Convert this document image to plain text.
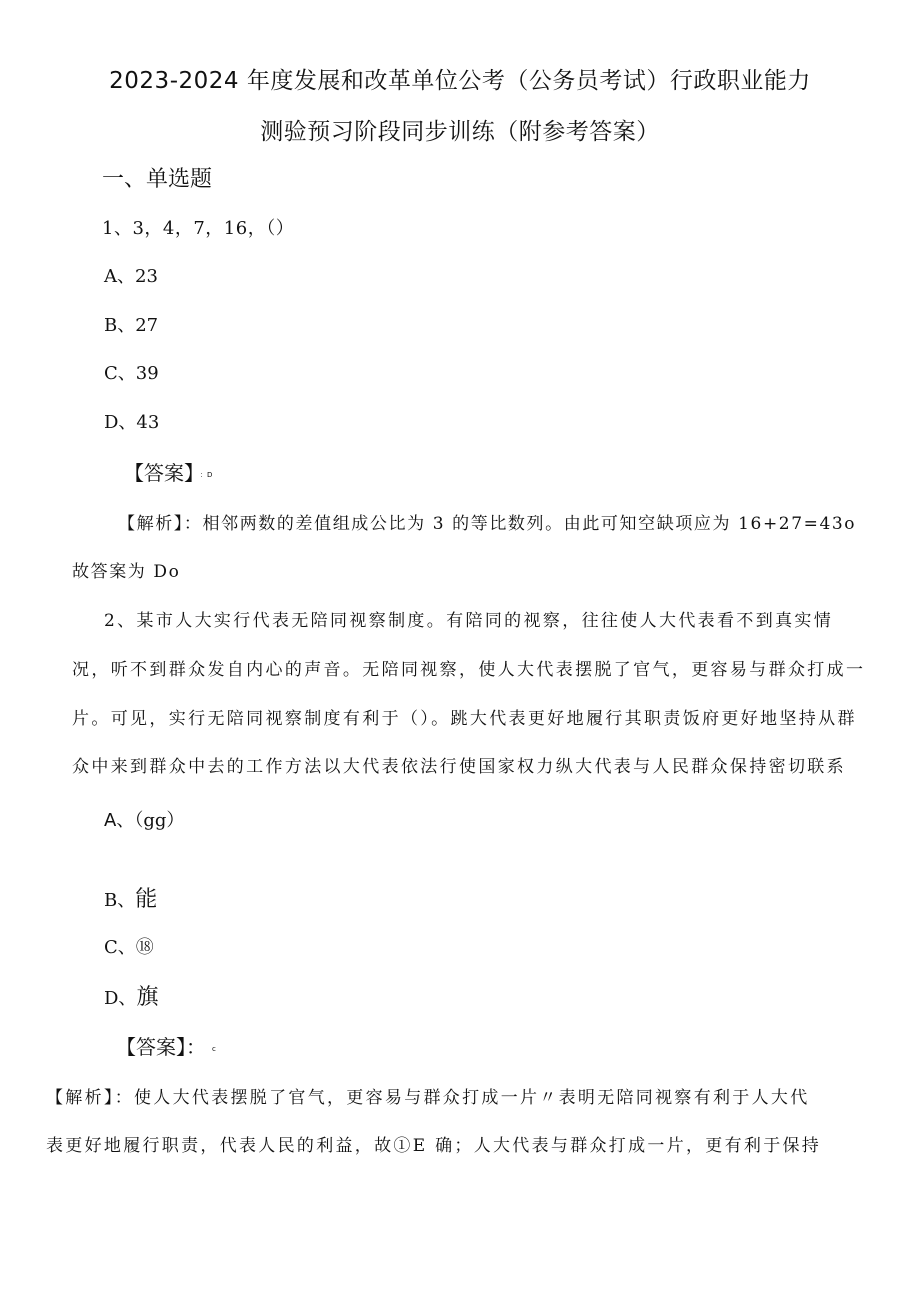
2023-2024 年度发展和改革单位公考（公务员考试）行政职业能力
测验预习阶段同步训练（附参考答案）
一、单选题
1、3，4，7，16，（）
A、23
B、27
C、39
D、43
【答案】 ：D
【解析】：相邻两数的差值组成公比为 3 的等比数列。由此可知空缺项应为 16+27=43o
故答案为 Do
2、某市人大实行代表无陪同视察制度。有陪同的视察，往往使人大代表看不到真实情
况，听不到群众发自内心的声音。无陪同视察，使人大代表摆脱了官气，更容易与群众打成一
片。可见，实行无陪同视察制度有利于（）。跳大代表更好地履行其职责饭府更好地坚持从群
众中来到群众中去的工作方法以大代表依法行使国家权力纵大代表与人民群众保持密切联系
A、（gg）
B、能
C、⑱
D、旗
【答案】： c
【解析】：使人大代表摆脱了官气，更容易与群众打成一片〃表明无陪同视察有利于人大代
表更好地履行职责，代表人民的利益，故①E 确；人大代表与群众打成一片，更有利于保持
